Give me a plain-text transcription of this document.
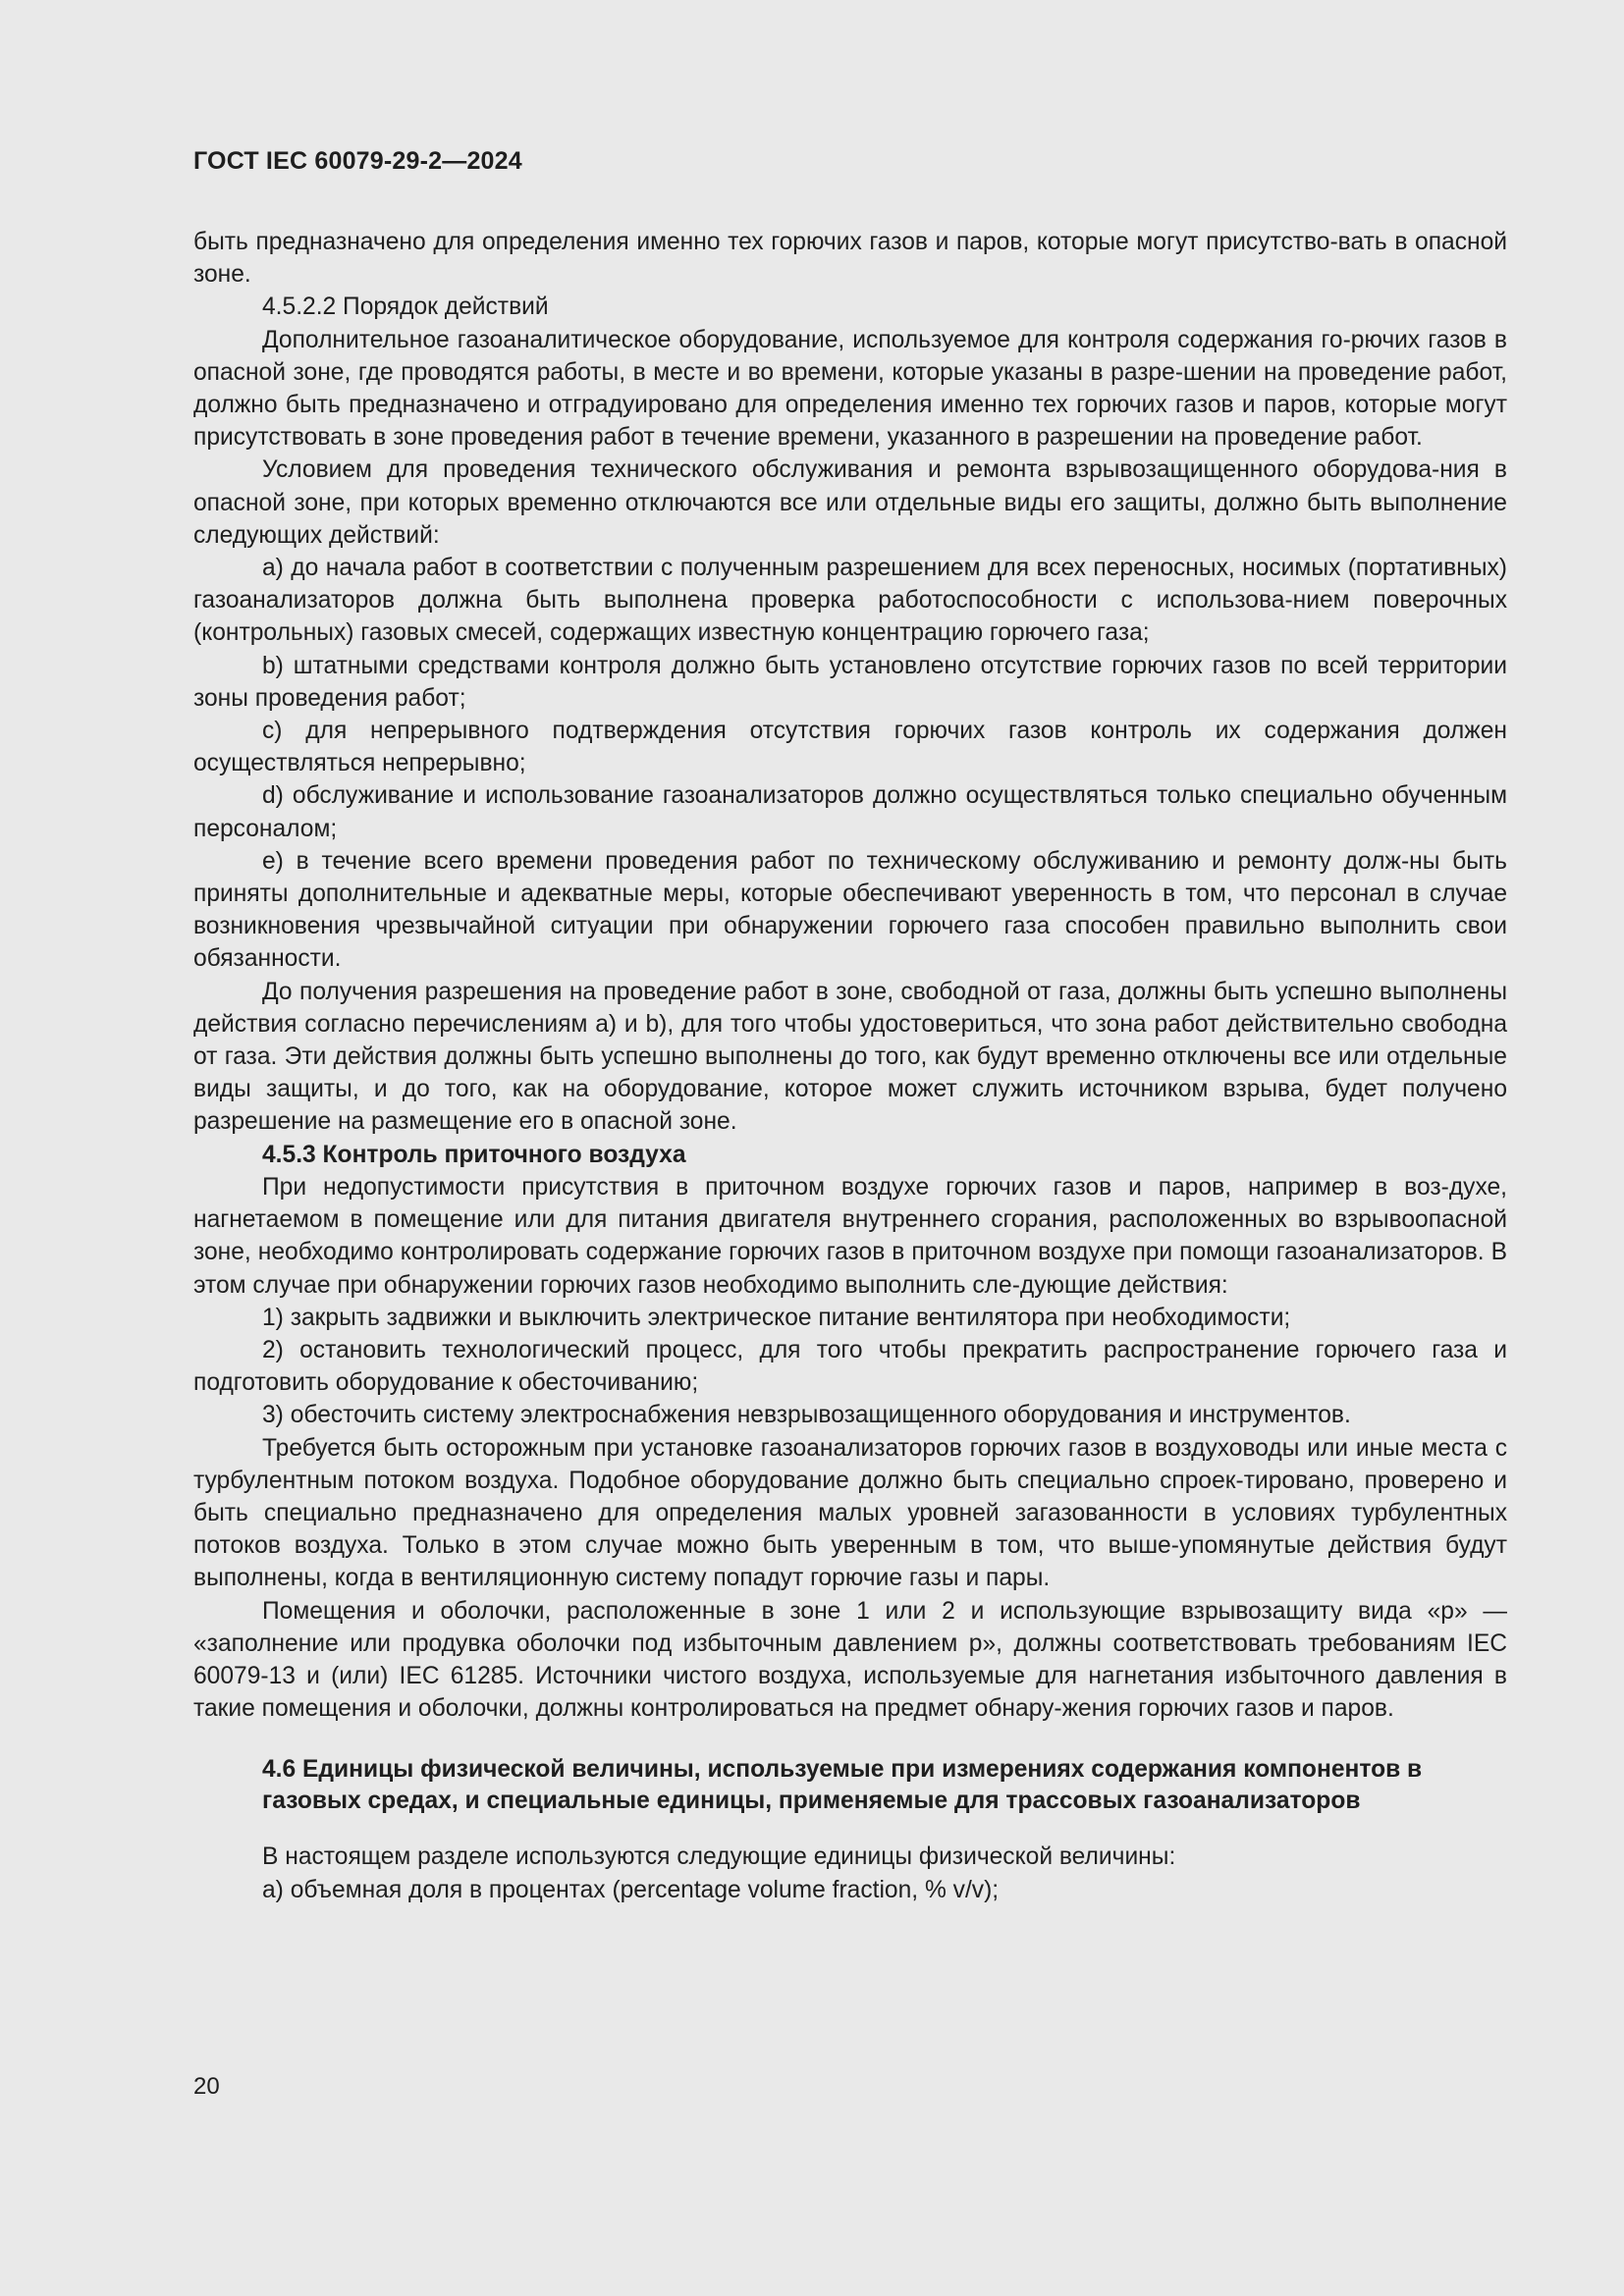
ГОСТ IEC 60079-29-2—2024

быть предназначено для определения именно тех горючих газов и паров, которые могут присутство-вать в опасной зоне.

4.5.2.2 Порядок действий

Дополнительное газоаналитическое оборудование, используемое для контроля содержания го-рючих газов в опасной зоне, где проводятся работы, в месте и во времени, которые указаны в разре-шении на проведение работ, должно быть предназначено и отградуировано для определения именно тех горючих газов и паров, которые могут присутствовать в зоне проведения работ в течение времени, указанного в разрешении на проведение работ.

Условием для проведения технического обслуживания и ремонта взрывозащищенного оборудова-ния в опасной зоне, при которых временно отключаются все или отдельные виды его защиты, должно быть выполнение следующих действий:

a) до начала работ в соответствии с полученным разрешением для всех переносных, носимых (портативных) газоанализаторов должна быть выполнена проверка работоспособности с использова-нием поверочных (контрольных) газовых смесей, содержащих известную концентрацию горючего газа;

b) штатными средствами контроля должно быть установлено отсутствие горючих газов по всей территории зоны проведения работ;

c) для непрерывного подтверждения отсутствия горючих газов контроль их содержания должен осуществляться непрерывно;

d) обслуживание и использование газоанализаторов должно осуществляться только специально обученным персоналом;

e) в течение всего времени проведения работ по техническому обслуживанию и ремонту долж-ны быть приняты дополнительные и адекватные меры, которые обеспечивают уверенность в том, что персонал в случае возникновения чрезвычайной ситуации при обнаружении горючего газа способен правильно выполнить свои обязанности.

До получения разрешения на проведение работ в зоне, свободной от газа, должны быть успешно выполнены действия согласно перечислениям a) и b), для того чтобы удостовериться, что зона работ действительно свободна от газа. Эти действия должны быть успешно выполнены до того, как будут временно отключены все или отдельные виды защиты, и до того, как на оборудование, которое может служить источником взрыва, будет получено разрешение на размещение его в опасной зоне.

4.5.3 Контроль приточного воздуха

При недопустимости присутствия в приточном воздухе горючих газов и паров, например в воз-духе, нагнетаемом в помещение или для питания двигателя внутреннего сгорания, расположенных во взрывоопасной зоне, необходимо контролировать содержание горючих газов в приточном воздухе при помощи газоанализаторов. В этом случае при обнаружении горючих газов необходимо выполнить сле-дующие действия:

1) закрыть задвижки и выключить электрическое питание вентилятора при необходимости;

2) остановить технологический процесс, для того чтобы прекратить распространение горючего газа и подготовить оборудование к обесточиванию;

3) обесточить систему электроснабжения невзрывозащищенного оборудования и инструментов.

Требуется быть осторожным при установке газоанализаторов горючих газов в воздуховоды или иные места с турбулентным потоком воздуха. Подобное оборудование должно быть специально спроек-тировано, проверено и быть специально предназначено для определения малых уровней загазованности в условиях турбулентных потоков воздуха. Только в этом случае можно быть уверенным в том, что выше-упомянутые действия будут выполнены, когда в вентиляционную систему попадут горючие газы и пары.

Помещения и оболочки, расположенные в зоне 1 или 2 и использующие взрывозащиту вида «p» — «заполнение или продувка оболочки под избыточным давлением p», должны соответствовать требованиям IEC 60079-13 и (или) IEC 61285. Источники чистого воздуха, используемые для нагнетания избыточного давления в такие помещения и оболочки, должны контролироваться на предмет обнару-жения горючих газов и паров.

4.6 Единицы физической величины, используемые при измерениях содержания компонентов в газовых средах, и специальные единицы, применяемые для трассовых газоанализаторов

В настоящем разделе используются следующие единицы физической величины:

a) объемная доля в процентах (percentage volume fraction, % v/v);

20
